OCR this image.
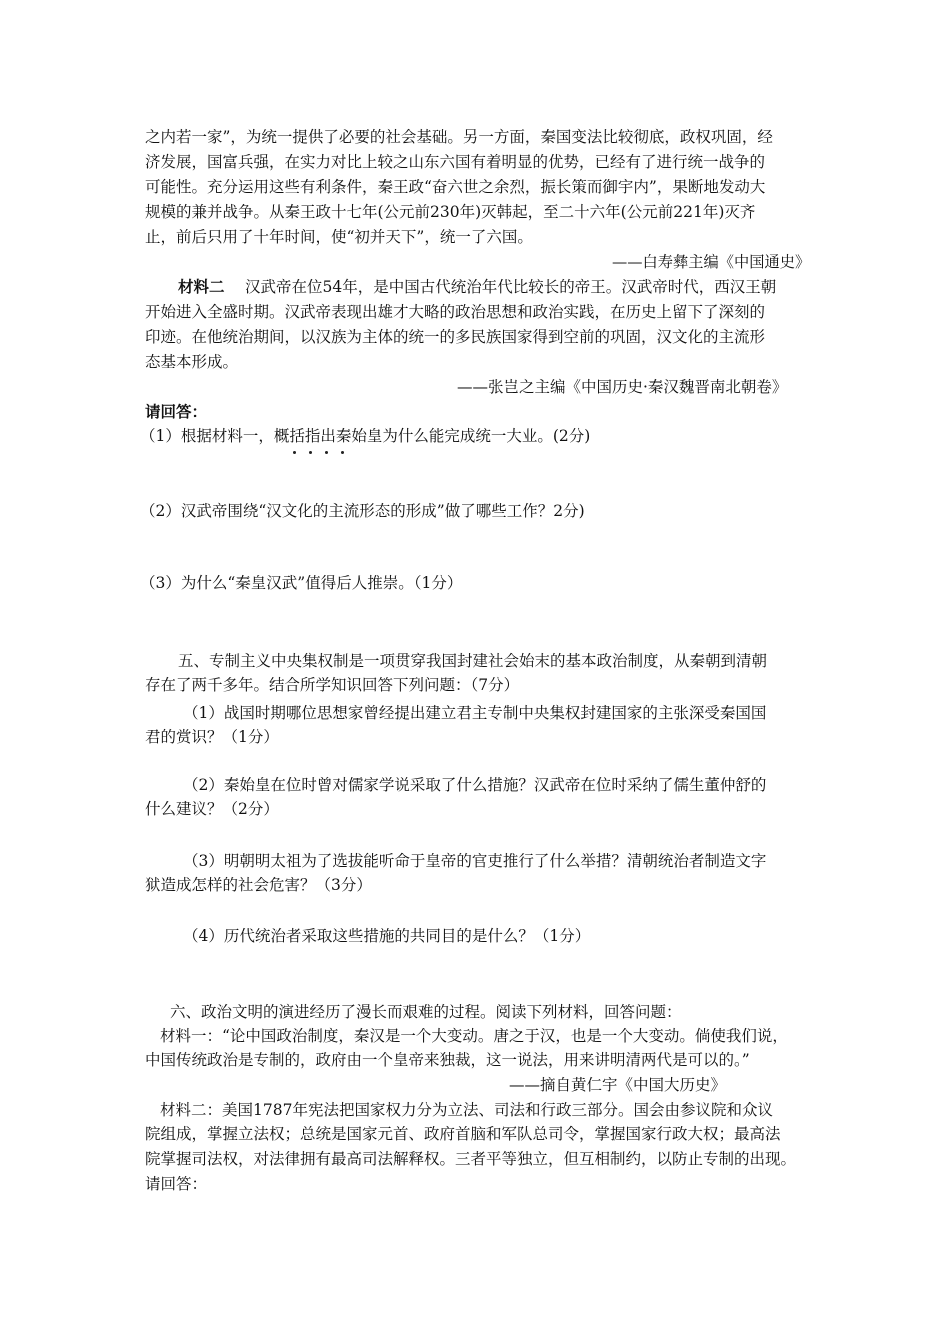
之内若一家”，为统一提供了必要的社会基础。另一方面，秦国变法比较彻底，政权巩固，经
济发展，国富兵强，在实力对比上较之山东六国有着明显的优势，已经有了进行统一战争的
可能性。充分运用这些有利条件，秦王政“奋六世之余烈，振长策而御宇内”，果断地发动大
规模的兼并战争。从秦王政十七年(公元前230年)灭韩起，至二十六年(公元前221年)灭齐
止，前后只用了十年时间，使“初并天下”，统一了六国。
——白寿彝主编《中国通史》
材料二 汉武帝在位54年，是中国古代统治年代比较长的帝王。汉武帝时代，西汉王朝
开始进入全盛时期。汉武帝表现出雄才大略的政治思想和政治实践，在历史上留下了深刻的
印迹。在他统治期间，以汉族为主体的统一的多民族国家得到空前的巩固，汉文化的主流形
态基本形成。
——张岂之主编《中国历史·秦汉魏晋南北朝卷》
请回答：
（1）根据材料一，概括指出秦始皇为什么能完成统一大业。(2分)
（2）汉武帝围绕“汉文化的主流形态的形成”做了哪些工作？2分)
（3）为什么“秦皇汉武”值得后人推崇。（1分）
五、专制主义中央集权制是一项贯穿我国封建社会始末的基本政治制度，从秦朝到清朝
存在了两千多年。结合所学知识回答下列问题：（7分）
（1）战国时期哪位思想家曾经提出建立君主专制中央集权封建国家的主张深受秦国国
君的赏识？（1分）
（2）秦始皇在位时曾对儒家学说采取了什么措施？汉武帝在位时采纳了儒生董仲舒的
什么建议？（2分）
（3）明朝明太祖为了选拔能听命于皇帝的官吏推行了什么举措？清朝统治者制造文字
狱造成怎样的社会危害？（3分）
（4）历代统治者采取这些措施的共同目的是什么？（1分）
六、政治文明的演进经历了漫长而艰难的过程。阅读下列材料，回答问题：
材料一：“论中国政治制度，秦汉是一个大变动。唐之于汉，也是一个大变动。倘使我们说，
中国传统政治是专制的，政府由一个皇帝来独裁，这一说法，用来讲明清两代是可以的。”
——摘自黄仁宇《中国大历史》
材料二：美国1787年宪法把国家权力分为立法、司法和行政三部分。国会由参议院和众议
院组成，掌握立法权；总统是国家元首、政府首脑和军队总司令，掌握国家行政大权；最高法
院掌握司法权，对法律拥有最高司法解释权。三者平等独立，但互相制约，以防止专制的出现。
请回答：
